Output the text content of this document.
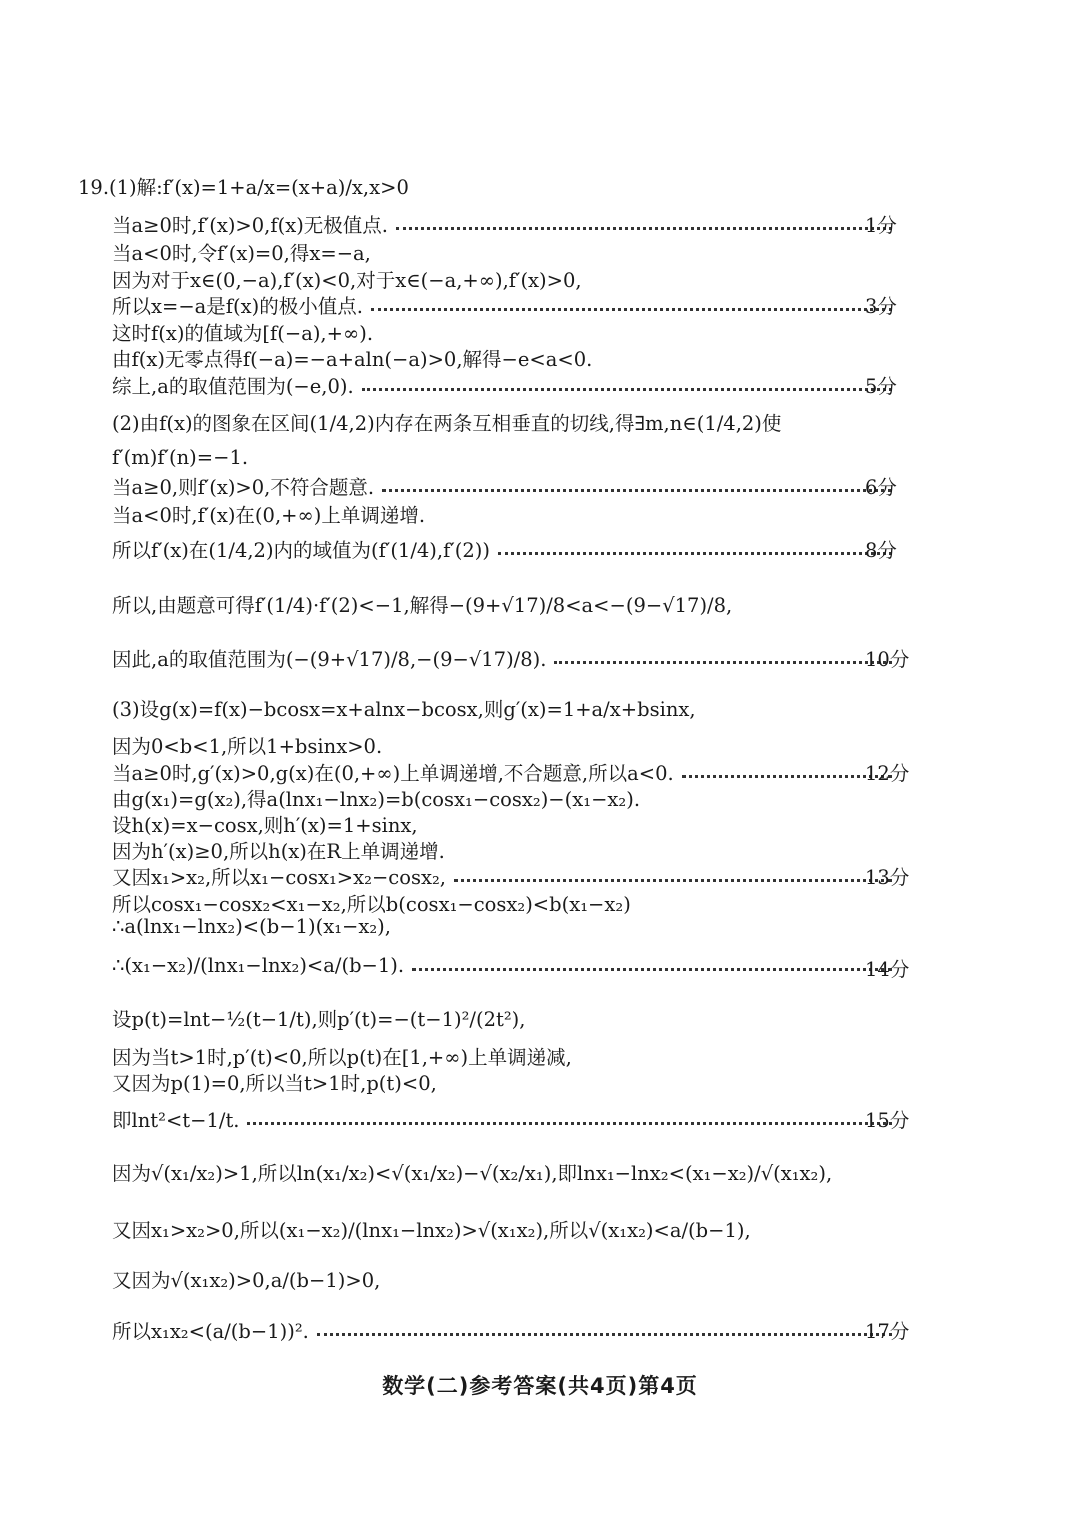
19.(1)解:f′(x)=1+a/x=(x+a)/x,x>0
当a≥0时,f′(x)>0,f(x)无极值点.	1分
当a<0时,令f′(x)=0,得x=−a,
因为对于x∈(0,−a),f′(x)<0,对于x∈(−a,+∞),f′(x)>0,
所以x=−a是f(x)的极小值点.	3分
这时f(x)的值域为[f(−a),+∞).
由f(x)无零点得f(−a)=−a+aln(−a)>0,解得−e<a<0.
综上,a的取值范围为(−e,0).	5分
(2)由f(x)的图象在区间(1/4,2)内存在两条互相垂直的切线,得∃m,n∈(1/4,2)使
f′(m)f′(n)=−1.
当a≥0,则f′(x)>0,不符合题意.	6分
当a<0时,f′(x)在(0,+∞)上单调递增.
所以f′(x)在(1/4,2)内的域值为(f′(1/4),f′(2))	8分
所以,由题意可得f′(1/4)·f′(2)<−1,解得−(9+√17)/8<a<−(9−√17)/8,
因此,a的取值范围为(−(9+√17)/8,−(9−√17)/8).	10分
(3)设g(x)=f(x)−bcosx=x+alnx−bcosx,则g′(x)=1+a/x+bsinx,
因为0<b<1,所以1+bsinx>0.
当a≥0时,g′(x)>0,g(x)在(0,+∞)上单调递增,不合题意,所以a<0.	12分
由g(x₁)=g(x₂),得a(lnx₁−lnx₂)=b(cosx₁−cosx₂)−(x₁−x₂).
设h(x)=x−cosx,则h′(x)=1+sinx,
因为h′(x)≥0,所以h(x)在R上单调递增.
又因x₁>x₂,所以x₁−cosx₁>x₂−cosx₂,	13分
所以cosx₁−cosx₂<x₁−x₂,所以b(cosx₁−cosx₂)<b(x₁−x₂)
∴a(lnx₁−lnx₂)<(b−1)(x₁−x₂),
∴(x₁−x₂)/(lnx₁−lnx₂)<a/(b−1).	14分
设p(t)=lnt−½(t−1/t),则p′(t)=−(t−1)²/(2t²),
因为当t>1时,p′(t)<0,所以p(t)在[1,+∞)上单调递减,
又因为p(1)=0,所以当t>1时,p(t)<0,
即lnt²<t−1/t.	15分
因为√(x₁/x₂)>1,所以ln(x₁/x₂)<√(x₁/x₂)−√(x₂/x₁),即lnx₁−lnx₂<(x₁−x₂)/√(x₁x₂),
又因x₁>x₂>0,所以(x₁−x₂)/(lnx₁−lnx₂)>√(x₁x₂),所以√(x₁x₂)<a/(b−1),
又因为√(x₁x₂)>0,a/(b−1)>0,
所以x₁x₂<(a/(b−1))².	17分
数学(二)参考答案(共4页)第4页
